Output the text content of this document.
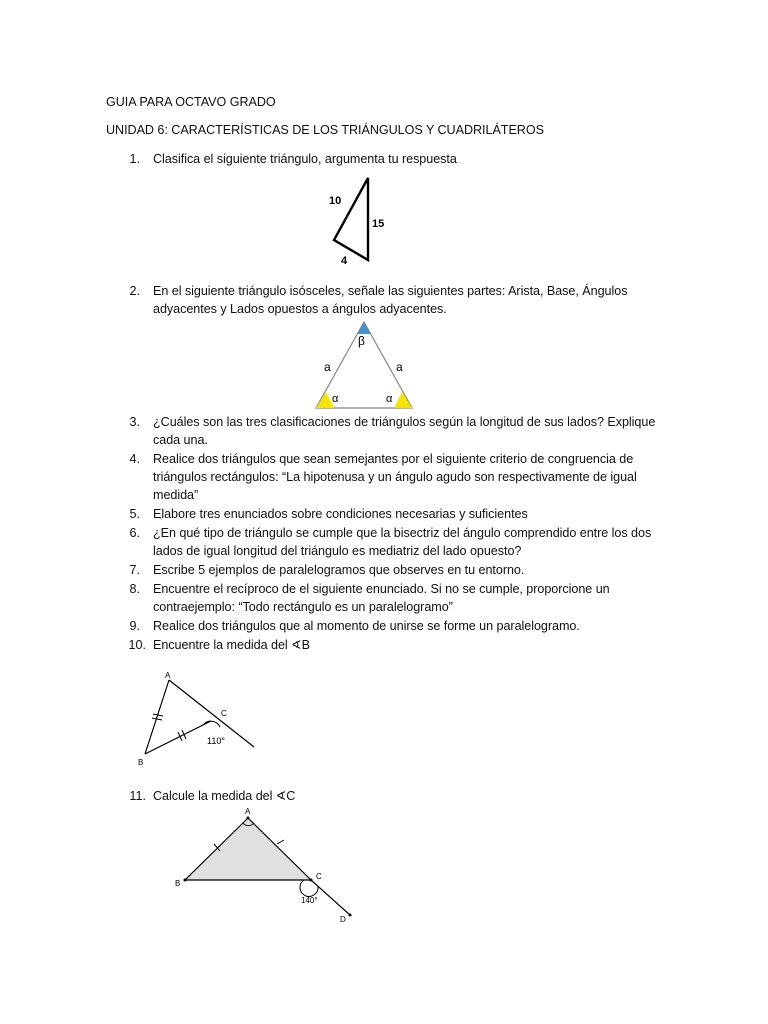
GUIA PARA OCTAVO GRADO
UNIDAD 6: CARACTERÍSTICAS DE LOS TRIÁNGULOS Y CUADRILÁTEROS
1. Clasifica el siguiente triángulo, argumenta tu respuesta
10
15
4
2. En el siguiente triángulo isósceles, señale las siguientes partes: Arista, Base, Ángulos
adyacentes y Lados opuestos a ángulos adyacentes.
β
a	a
α	α
3. ¿Cuáles son las tres clasificaciones de triángulos según la longitud de sus lados? Explique
cada una.
4. Realice dos triángulos que sean semejantes por el siguiente criterio de congruencia de
triángulos rectángulos: “La hipotenusa y un ángulo agudo son respectivamente de igual
medida”
5. Elabore tres enunciados sobre condiciones necesarias y suficientes
6. ¿En qué tipo de triángulo se cumple que la bisectriz del ángulo comprendido entre los dos
lados de igual longitud del triángulo es mediatriz del lado opuesto?
7. Escribe 5 ejemplos de paralelogramos que observes en tu entorno.
8. Encuentre el recíproco de el siguiente enunciado. Si no se cumple, proporcione un
contraejemplo: “Todo rectángulo es un paralelogramo”
9. Realice dos triángulos que al momento de unirse se forme un paralelogramo.
10. Encuentre la medida del ∢B
A
B
C
110°
11. Calcule la medida del ∢C
A
B
C
D
140°
